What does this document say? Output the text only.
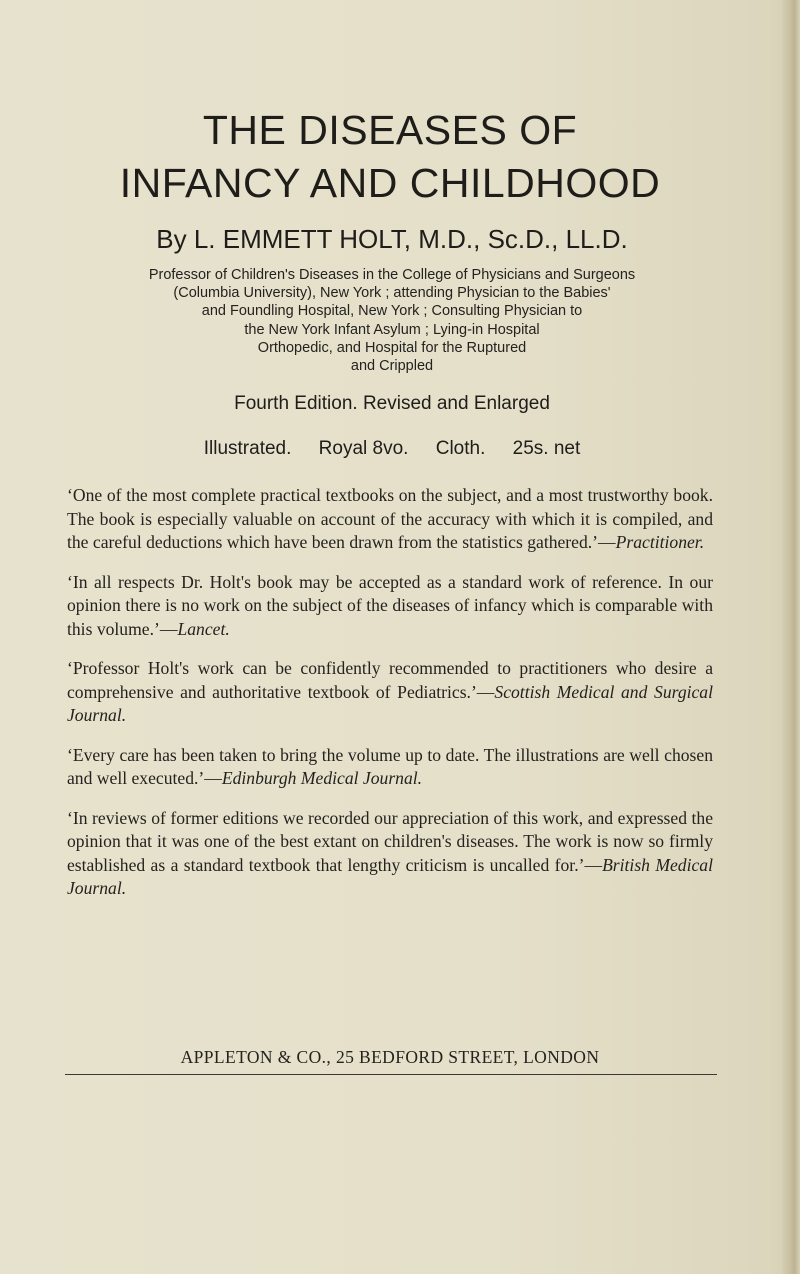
THE DISEASES OF
INFANCY AND CHILDHOOD
By L. EMMETT HOLT, M.D., Sc.D., LL.D.
Professor of Children's Diseases in the College of Physicians and Surgeons
(Columbia University), New York ; attending Physician to the Babies'
and Foundling Hospital, New York ; Consulting Physician to
the New York Infant Asylum ; Lying-in Hospital
Orthopedic, and Hospital for the Ruptured
and Crippled
Fourth Edition. Revised and Enlarged
Illustrated. Royal 8vo. Cloth. 25s. net

‘One of the most complete practical textbooks on the subject, and a most trustworthy book. The book is especially valuable on account of the accuracy with which it is compiled, and the careful deductions which have been drawn from the statistics gathered.’—Practitioner.

‘In all respects Dr. Holt's book may be accepted as a standard work of reference. In our opinion there is no work on the subject of the diseases of infancy which is comparable with this volume.’—Lancet.

‘Professor Holt's work can be confidently recommended to practitioners who desire a comprehensive and authoritative textbook of Pediatrics.’—Scottish Medical and Surgical Journal.

‘Every care has been taken to bring the volume up to date. The illustrations are well chosen and well executed.’—Edinburgh Medical Journal.

‘In reviews of former editions we recorded our appreciation of this work, and expressed the opinion that it was one of the best extant on children's diseases. The work is now so firmly established as a standard textbook that lengthy criticism is uncalled for.’—British Medical Journal.

APPLETON & CO., 25 BEDFORD STREET, LONDON
